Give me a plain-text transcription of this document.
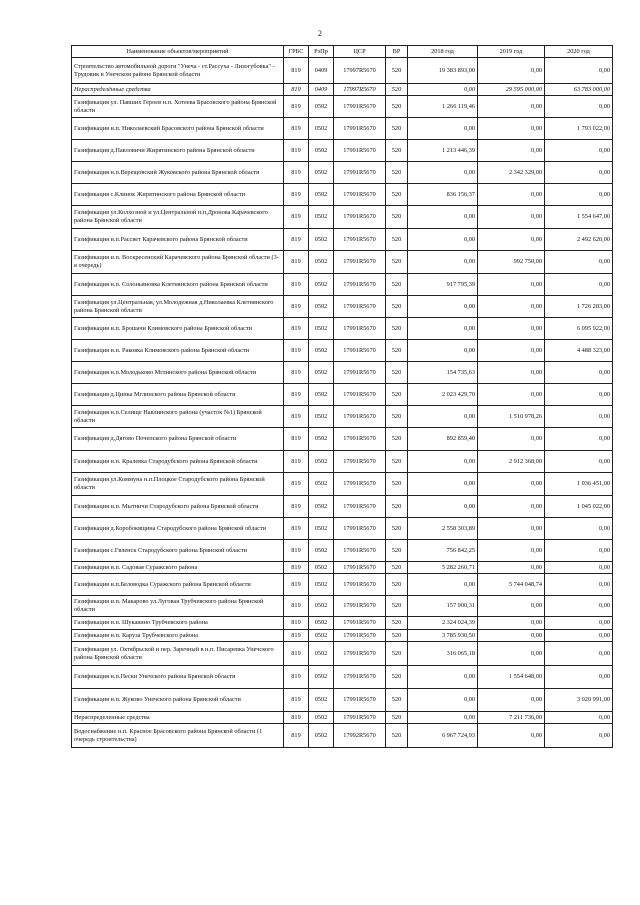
2
Наименование объектов/мероприятий	ГРБС	РзПр	ЦСР	ВР	2018 год	2019 год	2020 год
Строительство автомобильной дороги "Унеча - ст.Рассуха - Лизогубовка" - Трудовик в Унечском районе Брянской области	819	0409	17997R5670	520	19 383 893,00	0,00	0,00
Нераспределённые средства	819	0409	17997R5670	520	0,00	29 595 000,00	63 783 000,00
Газификация ул. Павших Героев н.п. Хотеева Брасовского района Брянской области	819	0502	17991R5670	520	1 266 119,46	0,00	0,00
Газификация н.п. Николаевский Брасовского района Брянской области	819	0502	17991R5670	520	0,00	0,00	1 793 022,00
Газификация д.Павловичи Жирятинского района Брянской области	819	0502	17991R5670	520	1 213 446,39	0,00	0,00
Газификация н.п.Верещовский Жуковского района Брянской области	819	0502	17991R5670	520	0,00	2 342 329,00	0,00
Газификация с.Клинок Жирятинского района Брянской области	819	0502	17991R5670	520	836 156,37	0,00	0,00
Газификация ул.Колхозной и ул.Центральной н.п.Дронова Карачевского района Брянской области	819	0502	17991R5670	520	0,00	0,00	1 554 647,00
Газификация н.п.Рассвет Карачевского района Брянской области	819	0502	17991R5670	520	0,00	0,00	2 492 620,00
Газификация н.п. Воскресенский Карачевского района Брянской области (3-я очередь)	819	0502	17991R5670	520	0,00	992 750,00	0,00
Газификация н.п. Солоньяновка Клетнянского района Брянской области	819	0502	17991R5670	520	917 795,39	0,00	0,00
Газификация ул.Центральная, ул.Молодежная д.Николаевка Клетнянского района Брянской области	819	0502	17991R5670	520	0,00	0,00	1 726 283,00
Газификация н.п. Брошачи Климовского района Брянской области	819	0502	17991R5670	520	0,00	0,00	6 095 922,00
Газификация н.п. Раковка Климовского района Брянской области	819	0502	17991R5670	520	0,00	0,00	4 488 323,00
Газификация н.п.Молодьково Мглинского района Брянской области	819	0502	17991R5670	520	154 735,63	0,00	0,00
Газификация д.Цинка Мглинского района Брянской области	819	0502	17991R5670	520	2 023 429,70	0,00	0,00
Газификация н.п.Селище Навлинского района (участок №1) Брянской области	819	0502	17991R5670	520	0,00	1 510 978,26	0,00
Газификация д.Дягово Почепского района Брянской области	819	0502	17991R5670	520	892 859,40	0,00	0,00
Газификация н.п. Кралевка Стародубского района Брянской области	819	0502	17991R5670	520	0,00	2 912 368,00	0,00
Газификация ул.Коммуна н.п.Плоцкое Стародубского района Брянской области	819	0502	17991R5670	520	0,00	0,00	1 036 451,00
Газификация н.п. Мытничи Стародубского района Брянской области	819	0502	17991R5670	520	0,00	0,00	1 045 022,00
Газификация д.Коробоквщина Стародубского района Брянской области	819	0502	17991R5670	520	2 558 303,89	0,00	0,00
Газификация с.Гвленск Стародубского района Брянской области	819	0502	17991R5670	520	756 842,25	0,00	0,00
Газификация н.п. Садовая Суражского района	819	0502	17991R5670	520	5 282 260,71	0,00	0,00
Газификация н.п.Беловодка Суражского района Брянской области	819	0502	17991R5670	520	0,00	5 744 048,74	0,00
Газификация н.п. Макарово ул.Луговая Трубчевского района Брянской области	819	0502	17991R5670	520	157 900,31	0,00	0,00
Газификация н.п. Шукавино Трубчевского района	819	0502	17991R5670	520	2 324 024,39	0,00	0,00
Газификация н.п. Каруза Трубчевского района	819	0502	17991R5670	520	3 785 930,50	0,00	0,00
Газификация ул. Октябрьской и пер. Заречный в н.п. Писаревка Унечского района Брянской области	819	0502	17991R5670	520	316 065,18	0,00	0,00
Газификация н.п.Пески Унечского района Брянской области	819	0502	17991R5670	520	0,00	1 554 648,00	0,00
Газификация н.п. Жуково Унечского района Брянской области	819	0502	17991R5670	520	0,00	0,00	3 020 991,00
Нераспределенные средства	819	0502	17991R5670	520	0,00	7 211 736,00	0,00
Водоснабжение н.п. Красное Брасовского района Брянской области (1 очередь строительства)	819	0502	17992R5670	520	6 967 724,93	0,00	0,00
